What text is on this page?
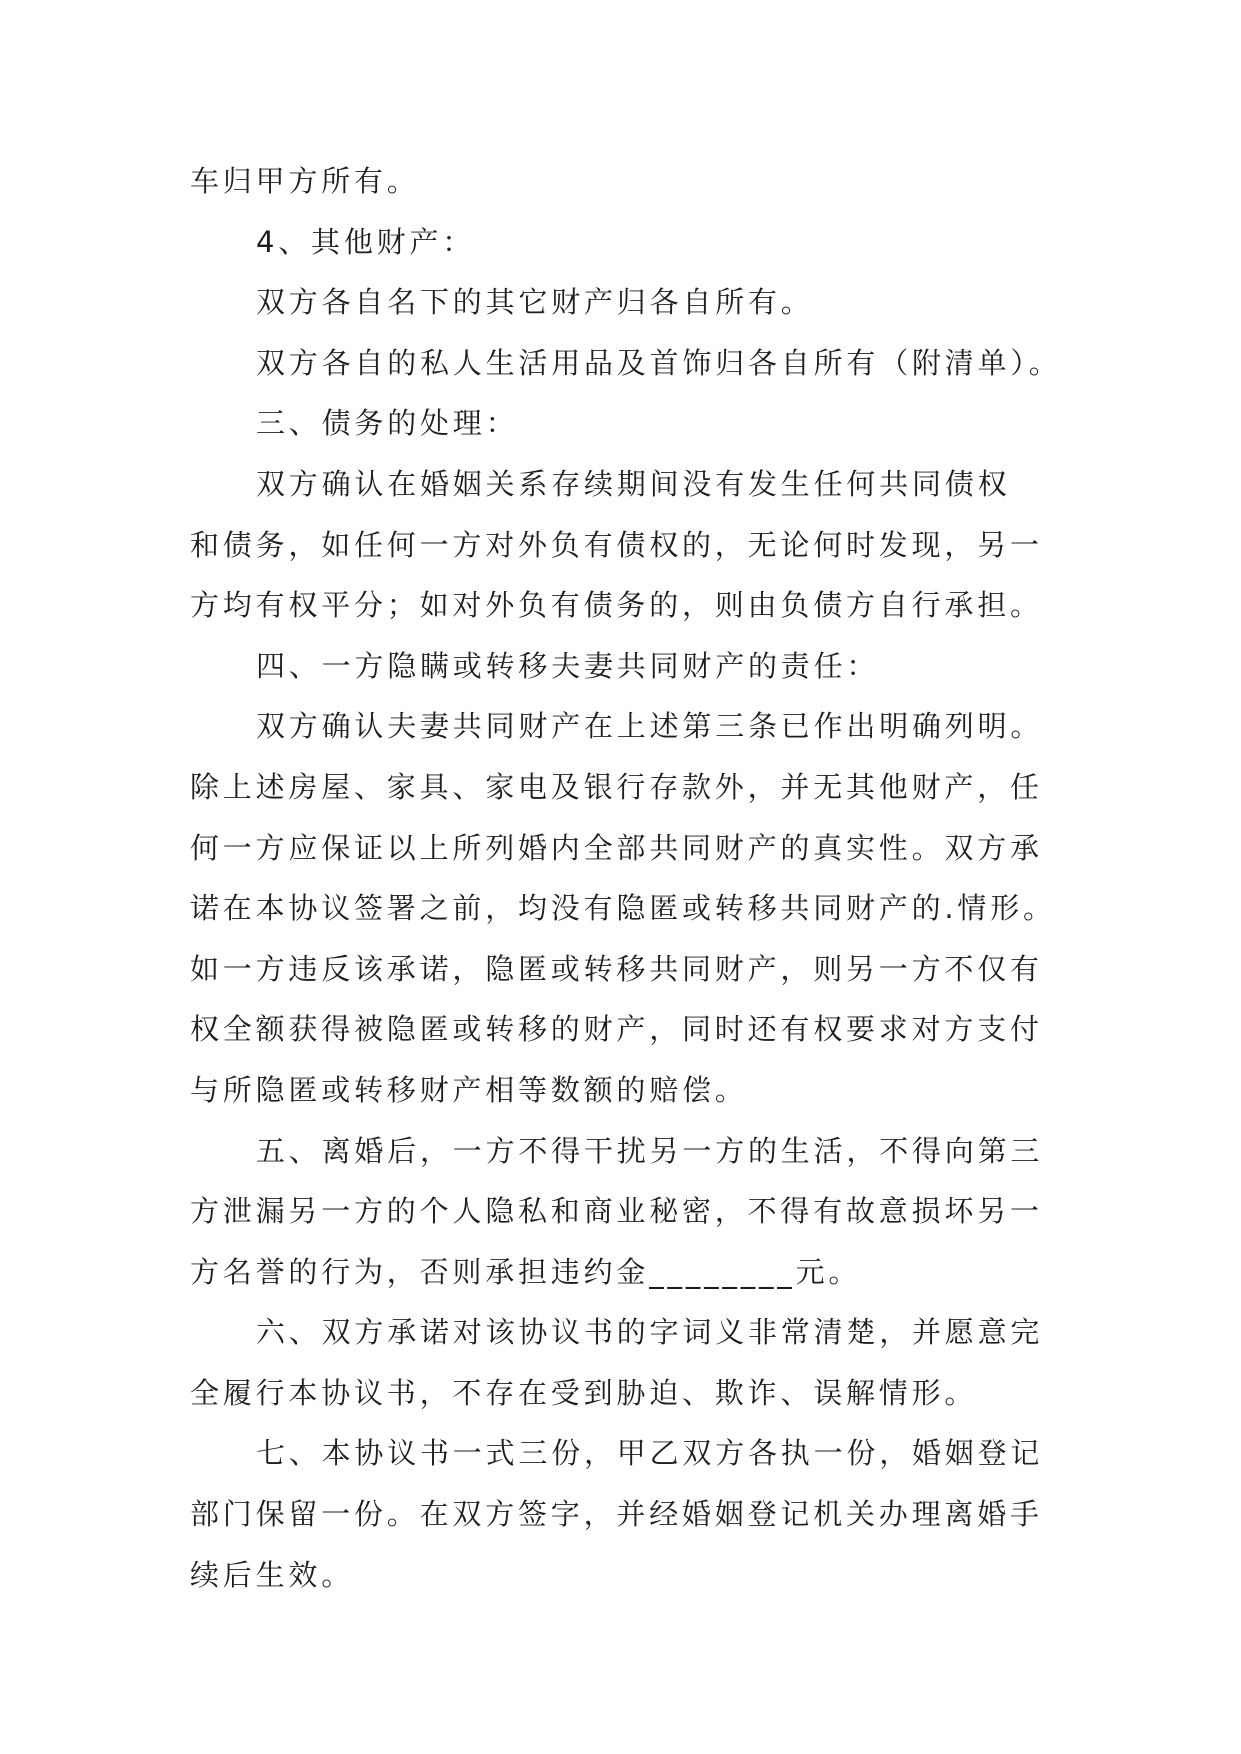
车归甲方所有。

4、其他财产：

双方各自名下的其它财产归各自所有。

双方各自的私人生活用品及首饰归各自所有（附清单）。

三、债务的处理：

双方确认在婚姻关系存续期间没有发生任何共同债权
和债务，如任何一方对外负有债权的，无论何时发现，另一
方均有权平分；如对外负有债务的，则由负债方自行承担。

四、一方隐瞒或转移夫妻共同财产的责任：

双方确认夫妻共同财产在上述第三条已作出明确列明。
除上述房屋、家具、家电及银行存款外，并无其他财产，任
何一方应保证以上所列婚内全部共同财产的真实性。双方承
诺在本协议签署之前，均没有隐匿或转移共同财产的.情形。
如一方违反该承诺，隐匿或转移共同财产，则另一方不仅有
权全额获得被隐匿或转移的财产，同时还有权要求对方支付
与所隐匿或转移财产相等数额的赔偿。

五、离婚后，一方不得干扰另一方的生活，不得向第三
方泄漏另一方的个人隐私和商业秘密，不得有故意损坏另一
方名誉的行为，否则承担违约金________元。

六、双方承诺对该协议书的字词义非常清楚，并愿意完
全履行本协议书，不存在受到胁迫、欺诈、误解情形。

七、本协议书一式三份，甲乙双方各执一份，婚姻登记
部门保留一份。在双方签字，并经婚姻登记机关办理离婚手
续后生效。
